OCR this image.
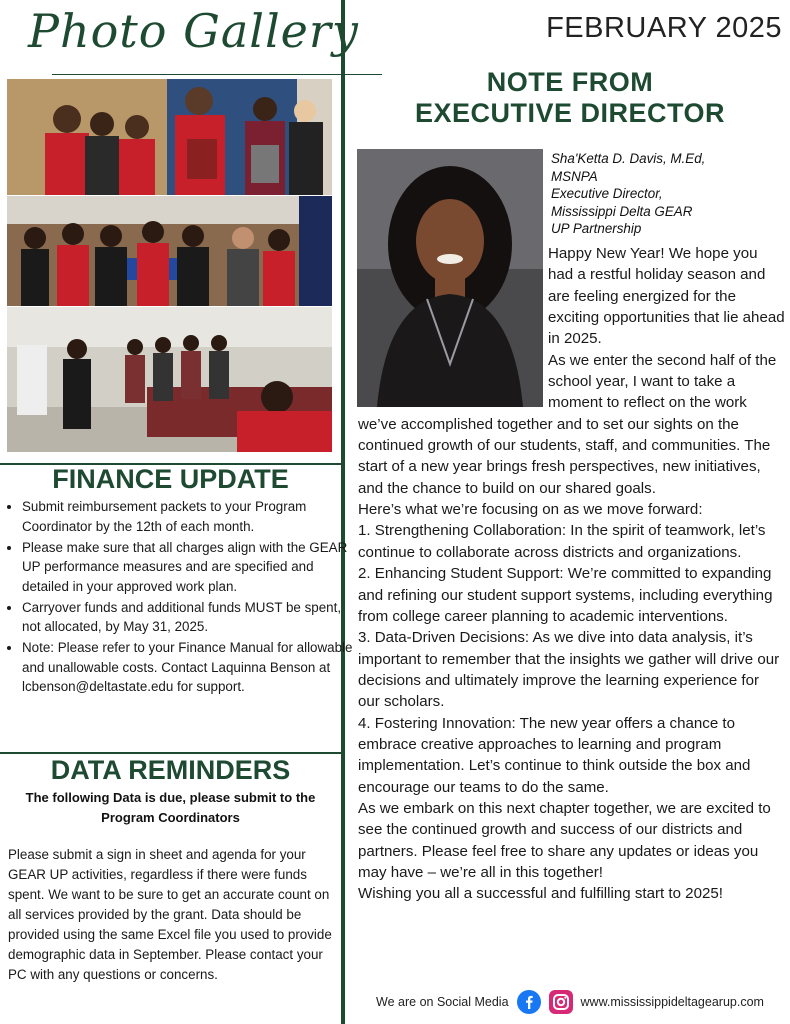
Photo Gallery
FINANCE UPDATE
• Submit reimbursement packets to your Program Coordinator by the 12th of each month.
• Please make sure that all charges align with the GEAR UP performance measures and are specified and detailed in your approved work plan.
• Carryover funds and additional funds MUST be spent, not allocated, by May 31, 2025.
• Note: Please refer to your Finance Manual for allowable and unallowable costs. Contact Laquinna Benson at lcbenson@deltastate.edu for support.
DATA REMINDERS

The following Data is due, please submit to the Program Coordinators

Please submit a sign in sheet and agenda for your GEAR UP activities, regardless if there were funds spent. We want to be sure to get an accurate count on all services provided by the grant. Data should be provided using the same Excel file you used to provide demographic data in September. Please contact your PC with any questions or concerns.

FEBRUARY 2025

NOTE FROM
EXECUTIVE DIRECTOR

Sha'Ketta D. Davis, M.Ed,
MSNPA
Executive Director,
Mississippi Delta GEAR
UP Partnership

Happy New Year! We hope you had a restful holiday season and are feeling energized for the exciting opportunities that lie ahead in 2025.

As we enter the second half of the school year, I want to take a moment to reflect on the work we’ve accomplished together and to set our sights on the continued growth of our students, staff, and communities. The start of a new year brings fresh perspectives, new initiatives, and the chance to build on our shared goals.

Here’s what we’re focusing on as we move forward:

1. Strengthening Collaboration: In the spirit of teamwork, let’s continue to collaborate across districts and organizations.

2. Enhancing Student Support: We’re committed to expanding and refining our student support systems, including everything from college career planning to academic interventions.

3. Data-Driven Decisions: As we dive into data analysis, it’s important to remember that the insights we gather will drive our decisions and ultimately improve the learning experience for our scholars.

4. Fostering Innovation: The new year offers a chance to embrace creative approaches to learning and program implementation. Let’s continue to think outside the box and encourage our teams to do the same.

As we embark on this next chapter together, we are excited to see the continued growth and success of our districts and partners. Please feel free to share any updates or ideas you may have – we’re all in this together!

Wishing you all a successful and fulfilling start to 2025!

We are on Social Media	www.mississippideltagearup.com
